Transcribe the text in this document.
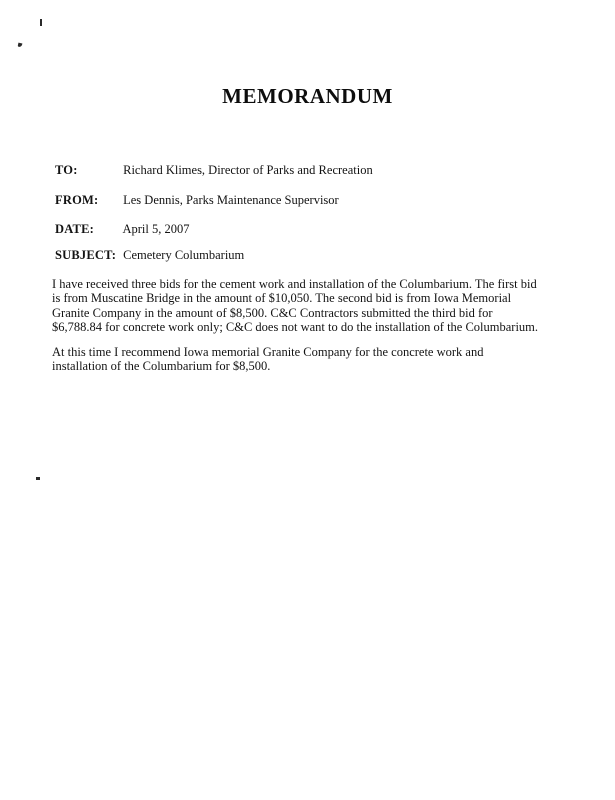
MEMORANDUM
TO:	Richard Klimes, Director of Parks and Recreation
FROM: Les Dennis, Parks Maintenance Supervisor
DATE: April 5, 2007
SUBJECT: Cemetery Columbarium
I have received three bids for the cement work and installation of the Columbarium. The first bid
is from Muscatine Bridge in the amount of $10,050. The second bid is from Iowa Memorial
Granite Company in the amount of $8,500. C&C Contractors submitted the third bid for
$6,788.84 for concrete work only; C&C does not want to do the installation of the Columbarium.
At this time I recommend Iowa memorial Granite Company for the concrete work and
installation of the Columbarium for $8,500.
